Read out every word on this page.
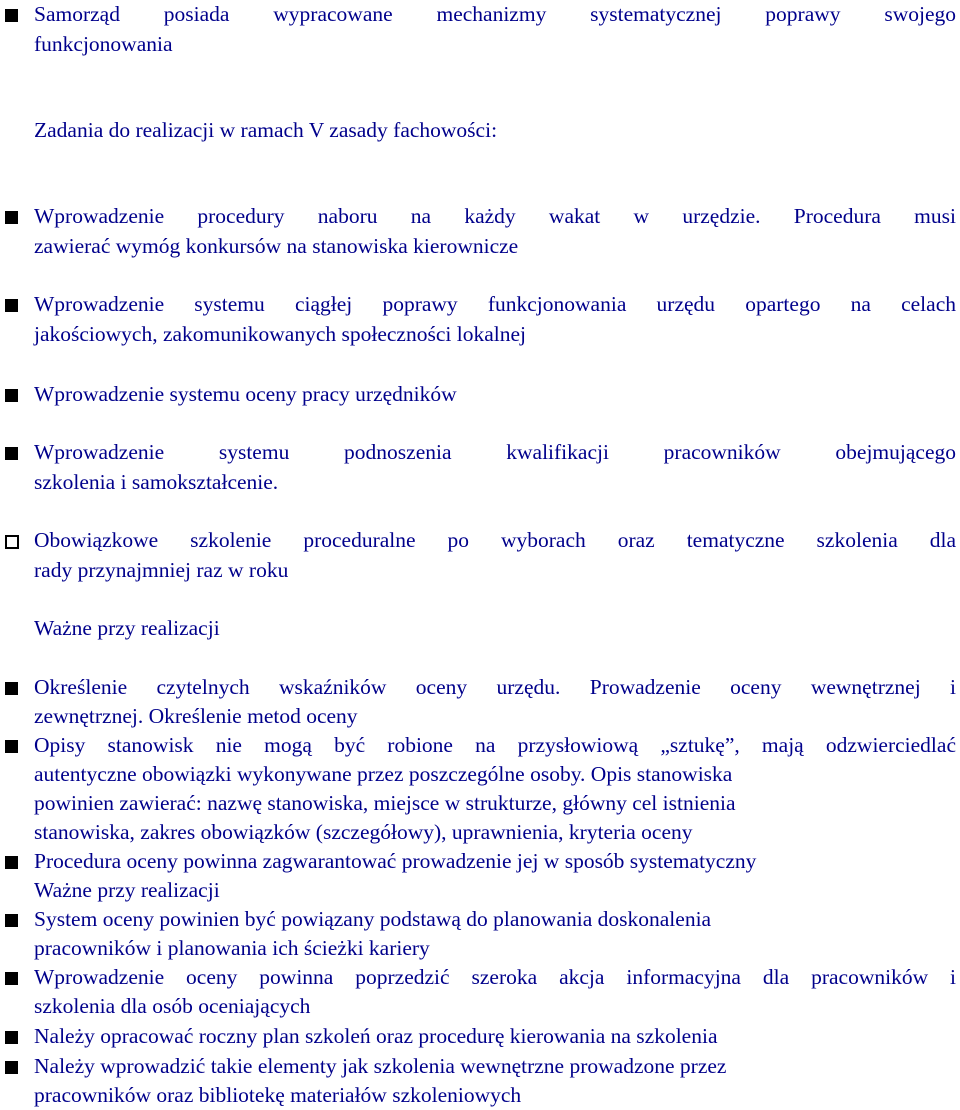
Samorząd posiada wypracowane mechanizmy systematycznej poprawy swojego
funkcjonowania
Zadania do realizacji w ramach V zasady fachowości:
Wprowadzenie procedury naboru na każdy wakat w urzędzie. Procedura musi
zawierać wymóg konkursów na stanowiska kierownicze
Wprowadzenie systemu ciągłej poprawy funkcjonowania urzędu opartego na celach
jakościowych, zakomunikowanych społeczności lokalnej
Wprowadzenie systemu oceny pracy urzędników
Wprowadzenie systemu podnoszenia kwalifikacji pracowników obejmującego
szkolenia i samokształcenie.
Obowiązkowe szkolenie proceduralne po wyborach oraz tematyczne szkolenia dla
rady przynajmniej raz w roku
Ważne przy realizacji
Określenie czytelnych wskaźników oceny urzędu. Prowadzenie oceny wewnętrznej i
zewnętrznej. Określenie metod oceny
Opisy stanowisk nie mogą być robione na przysłowiową „sztukę”, mają odzwierciedlać
autentyczne obowiązki wykonywane przez poszczególne osoby. Opis stanowiska
powinien zawierać: nazwę stanowiska, miejsce w strukturze, główny cel istnienia
stanowiska, zakres obowiązków (szczegółowy), uprawnienia, kryteria oceny
Procedura oceny powinna zagwarantować prowadzenie jej w sposób systematyczny
Ważne przy realizacji
System oceny powinien być powiązany podstawą do planowania doskonalenia
pracowników i planowania ich ścieżki kariery
Wprowadzenie oceny powinna poprzedzić szeroka akcja informacyjna dla pracowników i
szkolenia dla osób oceniających
Należy opracować roczny plan szkoleń oraz procedurę kierowania na szkolenia
Należy wprowadzić takie elementy jak szkolenia wewnętrzne prowadzone przez
pracowników oraz bibliotekę materiałów szkoleniowych
